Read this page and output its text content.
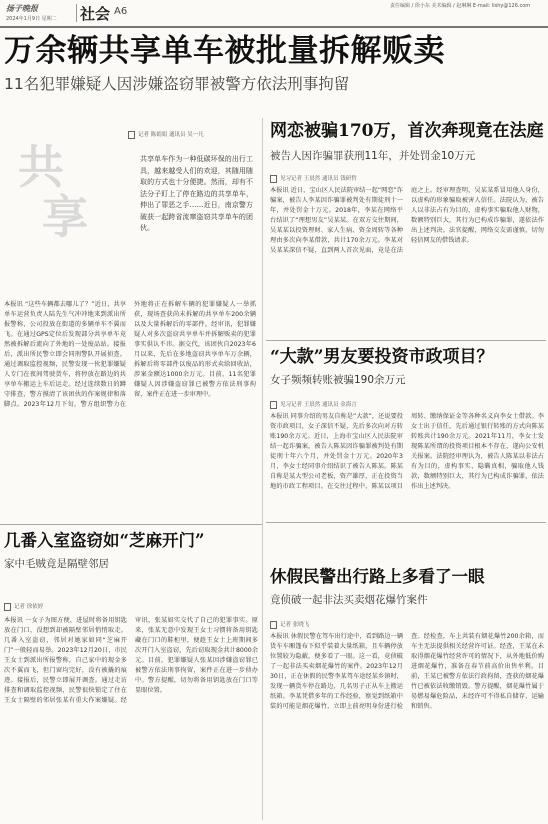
扬子晚报
2024年1月9日 星期二 社会 A6	责任编辑 / 徐小东 美术编辑 / 赵琳琳 E-mail: lishy@126.com
万余辆共享单车被批量拆解贩卖
11名犯罪嫌疑人因涉嫌盗窃罪被警方依法刑事拘留
共
享
记者 陈娟娟 通讯员 吴一凡
共享单车作为一种低碳环保的出行工具，越来越受人们的欢迎，其随用随取的方式也十分便捷。然而，却有不法分子盯上了停在路边的共享单车，伸出了罪恶之手……近日，南京警方破获一起跨省流窜盗窃共享单车的团伙。
本报讯 “这些车辆都去哪儿了？”近日，共享单车运营负责人陆先生气冲冲地来到派出所报警称，公司投放在街道的多辆单车不翼而飞。在通过GPS定位后发现部分共享单车竟然被拆解后流向了外地的一处废品站。接报后，派出所民警立即会同刑警队开展侦查。通过调取监控视频，民警发现一伙犯罪嫌疑人专门在夜间驾驶货车，将停放在路边的共享单车搬运上车后运走。经过连续数日的蹲守排查，警方摸清了该团伙的作案规律和落脚点。2023年12月下旬，警方组织警力在外地将正在拆解车辆的犯罪嫌疑人一举抓获，现场查获尚未拆解的共享单车200余辆以及大量拆解后的零部件。经审讯，犯罪嫌疑人对多次盗窃共享单车并拆解贩卖的犯罪事实供认不讳。据交代，该团伙自2023年6月以来，先后在多地盗窃共享单车万余辆，拆解后将零部件以废品的形式卖给回收站，涉案金额达1000余万元。目前，11名犯罪嫌疑人因涉嫌盗窃罪已被警方依法刑事拘留，案件正在进一步审理中。
网恋被骗170万，首次奔现竟在法庭
被告人因诈骗罪获刑11年，并处罚金10万元
见习记者 王晨然 通讯员 钱研哲
本报讯 近日，宝山区人民法院审结一起“网恋”诈骗案，被告人李某因诈骗罪被判处有期徒刑十一年，并处罚金十万元。2018年，李某在网络平台结识了“理想男友”吴某某。在双方交往期间，吴某某以投资理财、家人生病、资金周转等各种理由多次向李某借款，共计170余万元。李某对吴某某深信不疑，直到两人首次见面，竟是在法庭之上。经审理查明，吴某某系冒用他人身份，以虚构的形象骗取被害人信任。法院认为，被告人以非法占有为目的，虚构事实骗取他人财物，数额特别巨大，其行为已构成诈骗罪，遂依法作出上述判决。法官提醒，网络交友需谨慎，切勿轻信网友的借钱请求。
“大款”男友要投资市政项目？
女子频频转账被骗190余万元
见习记者 王晨然 通讯员 金海言
本报讯 同事介绍的男友自称是“大款”，还说要投资市政项目，女子深信不疑，先后多次向对方转账190余万元。近日，上海市宝山区人民法院审结一起诈骗案，被告人陈某因诈骗罪被判处有期徒刑十年六个月，并处罚金十万元。2020年3月，李女士经同事介绍结识了被告人陈某。陈某自称是某大型公司老板，资产雄厚，正在投资当地的市政工程项目。在交往过程中，陈某以项目周转、缴纳保证金等各种名义向李女士借款。李女士出于信任，先后通过银行转账的方式向陈某转账共计190余万元。2021年11月，李女士发现陈某所谓的投资项目根本不存在，遂向公安机关报案。法院经审理认为，被告人陈某以非法占有为目的，虚构事实、隐瞒真相，骗取他人钱款，数额特别巨大，其行为已构成诈骗罪，依法作出上述判决。
几番入室盗窃如“芝麻开门”
家中毛贼竟是隔壁邻居
记者 徐依婷
本报讯 一女子为图方便，进屋时将备用钥匙放在门口，没想到却被隔壁邻居悄悄取走。几番入室盗窃，邻居对她家如同“芝麻开门”一般轻而易举。2023年12月20日，市民王女士到派出所报警称，自己家中的现金多次不翼而飞，但门窗均完好，没有被撬的痕迹。接报后，民警立即展开调查。通过走访排查和调取监控视频，民警很快锁定了住在王女士隔壁的邻居张某有重大作案嫌疑。经审讯，张某如实交代了自己的犯罪事实。原来，张某无意中发现王女士习惯将备用钥匙藏在门口的鞋柜里，便趁王女士上班期间多次开门入室盗窃，先后窃取现金共计8000余元。目前，犯罪嫌疑人张某因涉嫌盗窃罪已被警方依法刑事拘留，案件正在进一步侦办中。警方提醒，切勿将备用钥匙放在门口等显眼位置。
休假民警出行路上多看了一眼
竟侦破一起非法买卖烟花爆竹案件
记者 张晓飞
本报讯 休假民警在驾车出行途中，看到路边一辆货车车厢篷布下似乎装着大量纸箱，且车辆停放位置较为隐蔽，便多看了一眼。这一看，竟侦破了一起非法买卖烟花爆竹的案件。2023年12月30日，正在休假的民警李某驾车途经某乡镇时，发现一辆货车停在路边，几名男子正从车上搬运纸箱。李某凭借多年的工作经验，察觉到纸箱中装的可能是烟花爆竹，立即上前亮明身份进行检查。经检查，车上共装有烟花爆竹200余箱，而车主无法提供相关经营许可证。经查，王某在未取得烟花爆竹经营许可的情况下，从外地低价购进烟花爆竹，准备在春节前高价出售牟利。目前，王某已被警方依法行政拘留，查获的烟花爆竹已被依法收缴销毁。警方提醒，烟花爆竹属于易燃易爆危险品，未经许可不得私自储存、运输和销售。
